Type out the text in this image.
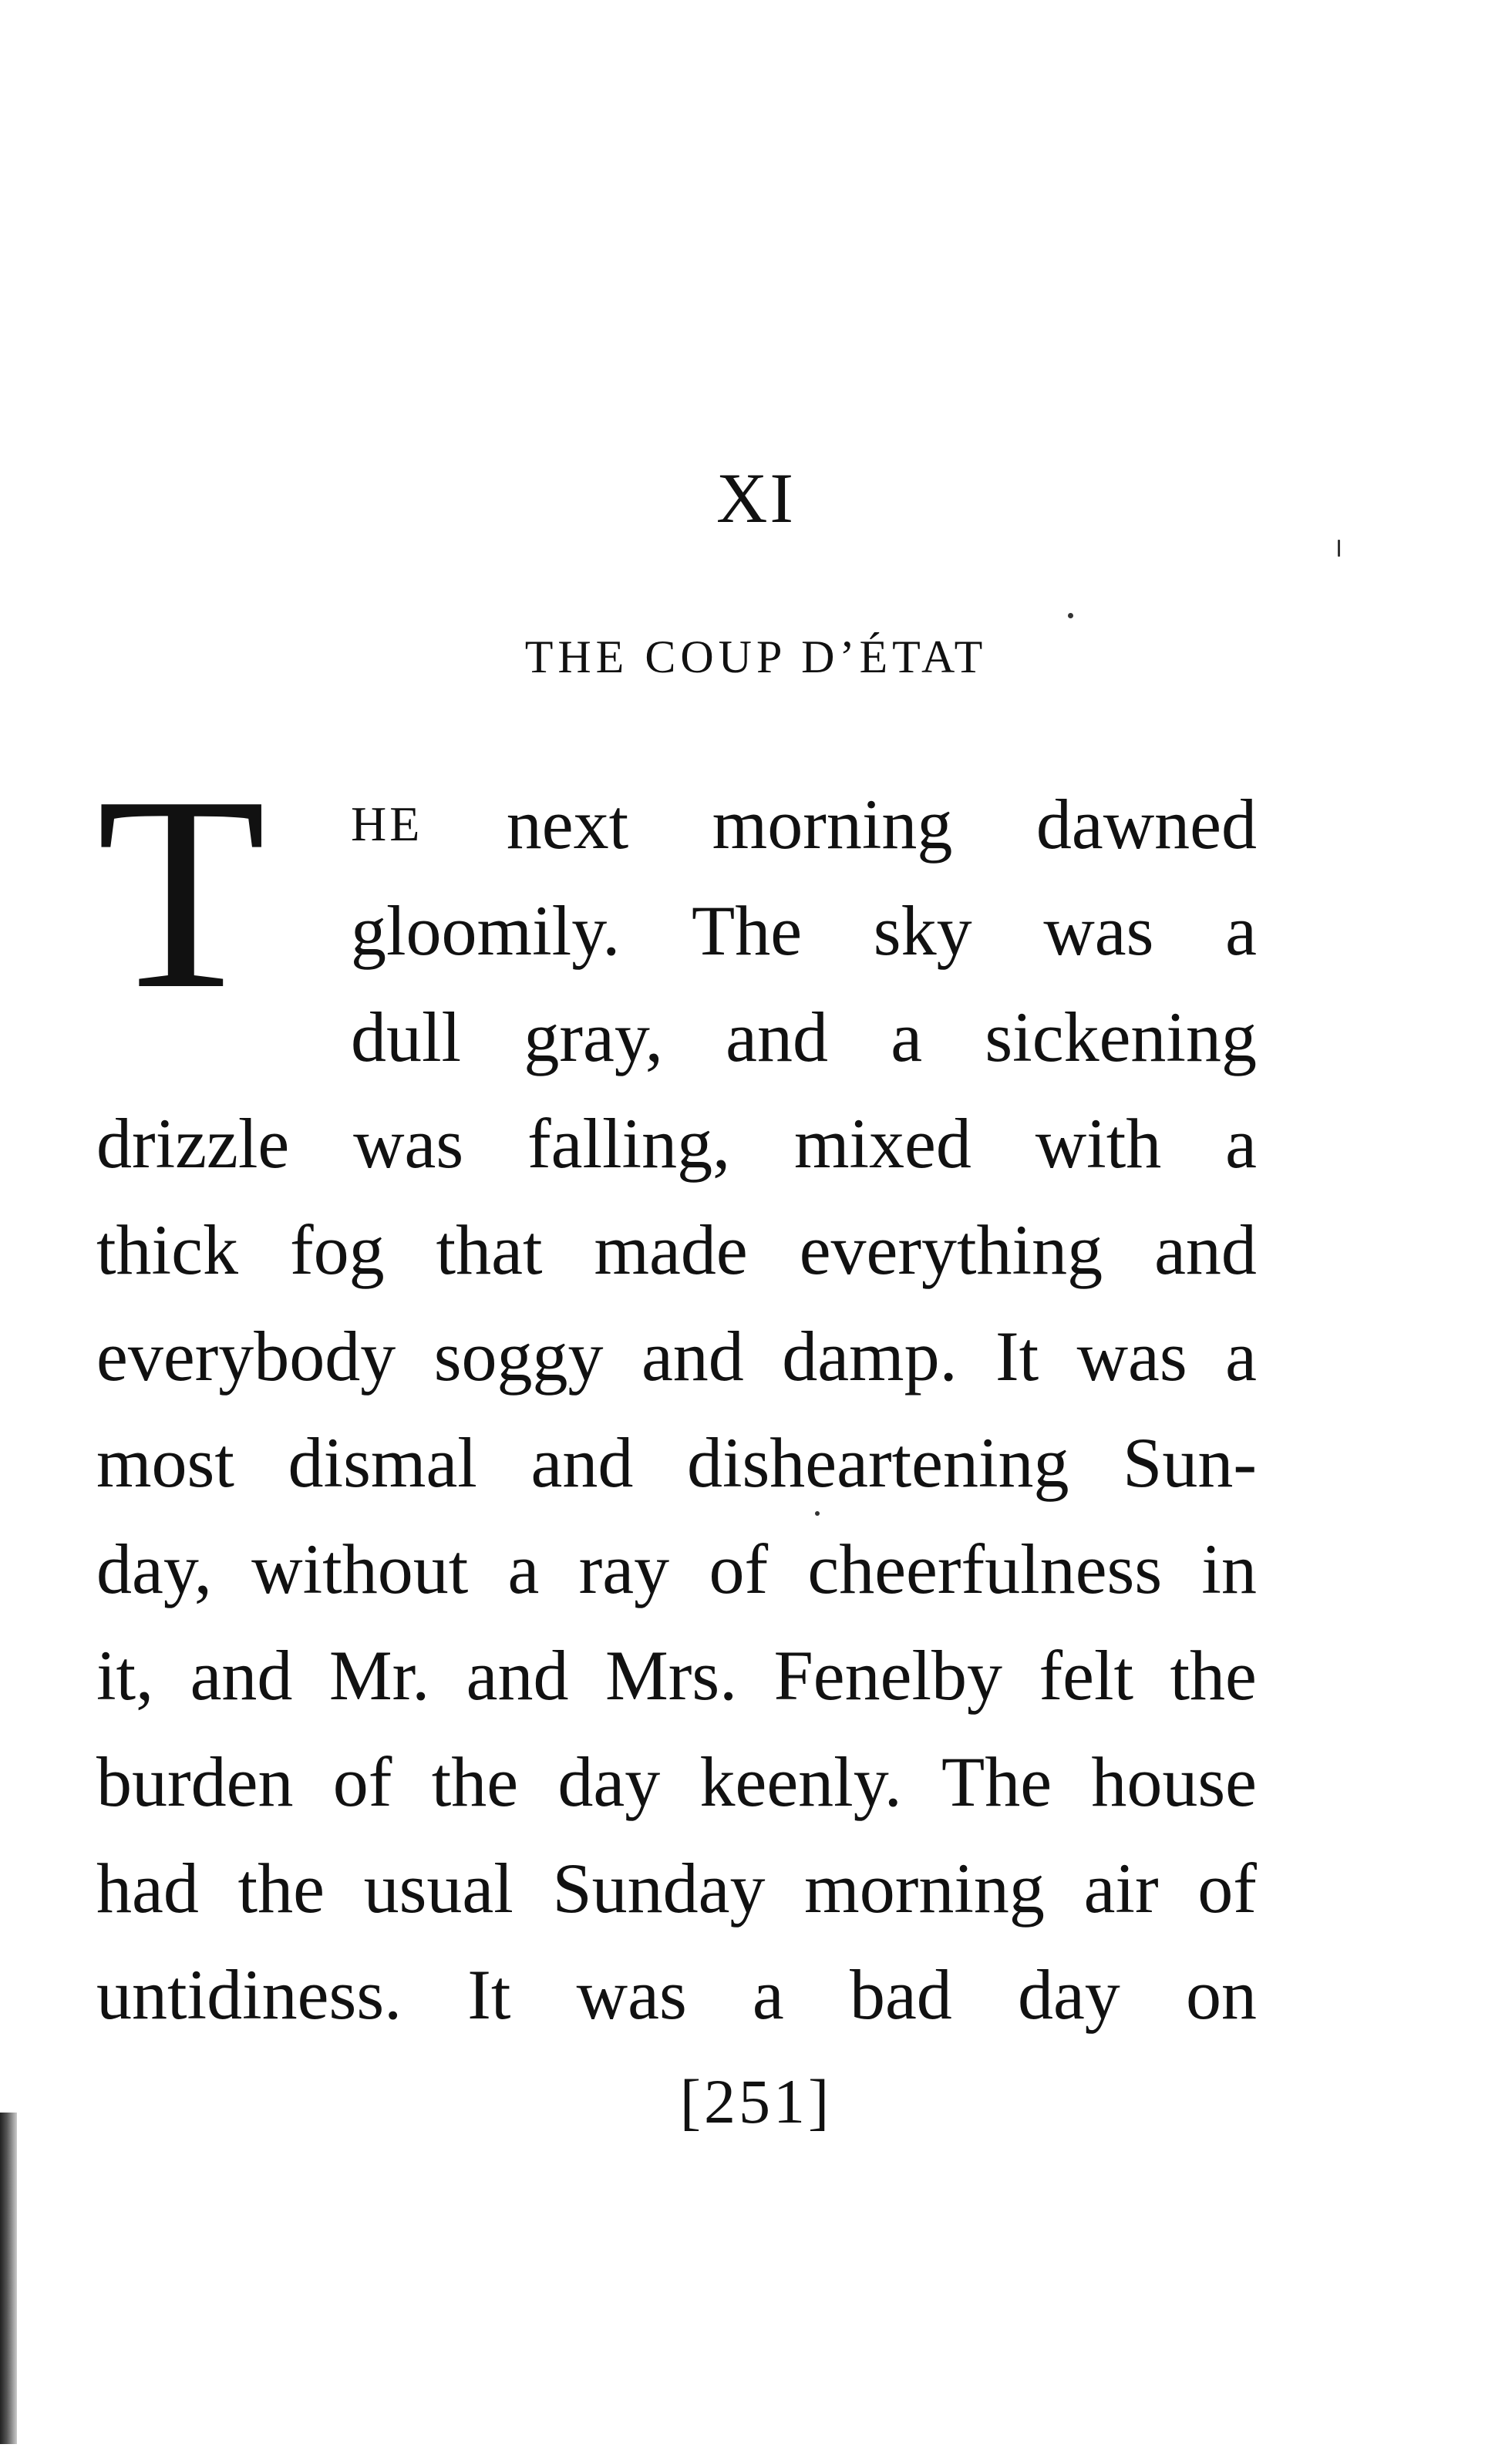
XI
THE COUP D’ÉTAT
T	HE next morning dawned
gloomily. The sky was a
dull gray, and a sickening
drizzle was falling, mixed with a
thick fog that made everything and
everybody soggy and damp. It was a
most dismal and disheartening Sun-
day, without a ray of cheerfulness in
it, and Mr. and Mrs. Fenelby felt the
burden of the day keenly. The house
had the usual Sunday morning air of
untidiness. It was a bad day on
[251]
